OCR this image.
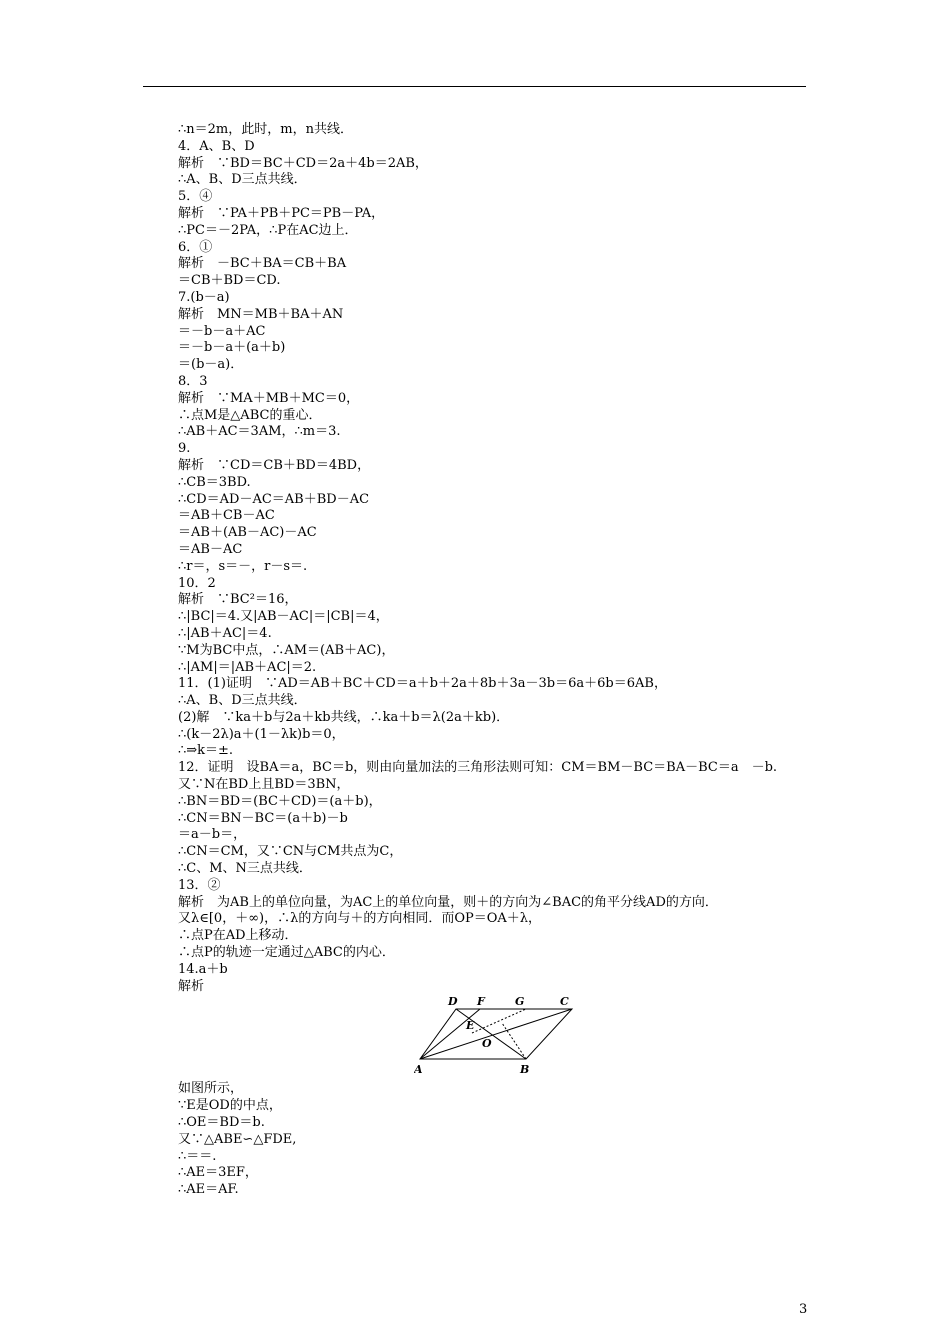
∴n＝2m，此时，m，n共线．
4．A、B、D
解析　∵BD＝BC＋CD＝2a＋4b＝2AB，
∴A、B、D三点共线．
5．④
解析　∵PA＋PB＋PC＝PB－PA，
∴PC＝－2PA，∴P在AC边上．
6．①
解析　－BC＋BA＝CB＋BA
＝CB＋BD＝CD.
7.(b－a)
解析　MN＝MB＋BA＋AN
＝－b－a＋AC
＝－b－a＋(a＋b)
＝(b－a)．
8．3
解析　∵MA＋MB＋MC＝0，
∴点M是△ABC的重心．
∴AB＋AC＝3AM，∴m＝3.
9.
解析　∵CD＝CB＋BD＝4BD，
∴CB＝3BD.
∴CD＝AD－AC＝AB＋BD－AC
＝AB＋CB－AC
＝AB＋(AB－AC)－AC
＝AB－AC
∴r＝，s＝－，r－s＝.
10．2
解析　∵BC²＝16，
∴|BC|＝4.又|AB－AC|＝|CB|＝4，
∴|AB＋AC|＝4.
∵M为BC中点，∴AM＝(AB＋AC)，
∴|AM|＝|AB＋AC|＝2.
11．(1)证明　∵AD＝AB＋BC＋CD＝a＋b＋2a＋8b＋3a－3b＝6a＋6b＝6AB，
∴A、B、D三点共线．
(2)解　∵ka＋b与2a＋kb共线，∴ka＋b＝λ(2a＋kb)．
∴(k－2λ)a＋(1－λk)b＝0，
∴⇒k＝±.
12．证明　设BA＝a，BC＝b，则由向量加法的三角形法则可知：CM＝BM－BC＝BA－BC＝a　－b.
又∵N在BD上且BD＝3BN，
∴BN＝BD＝(BC＋CD)＝(a＋b)，
∴CN＝BN－BC＝(a＋b)－b
＝a－b＝，
∴CN＝CM，又∵CN与CM共点为C，
∴C、M、N三点共线．
13．②
解析　为AB上的单位向量，为AC上的单位向量，则＋的方向为∠BAC的角平分线AD的方向．
又λ∈[0，＋∞)，∴λ的方向与＋的方向相同．而OP＝OA＋λ，
∴点P在AD上移动．
∴点P的轨迹一定通过△ABC的内心．
14.a＋b
解析
D F	G	C
E
O
A	B
如图所示，
∵E是OD的中点，
∴OE＝BD＝b.
又∵△ABE∽△FDE,
∴＝＝.
∴AE＝3EF，
∴AE＝AF.
3
